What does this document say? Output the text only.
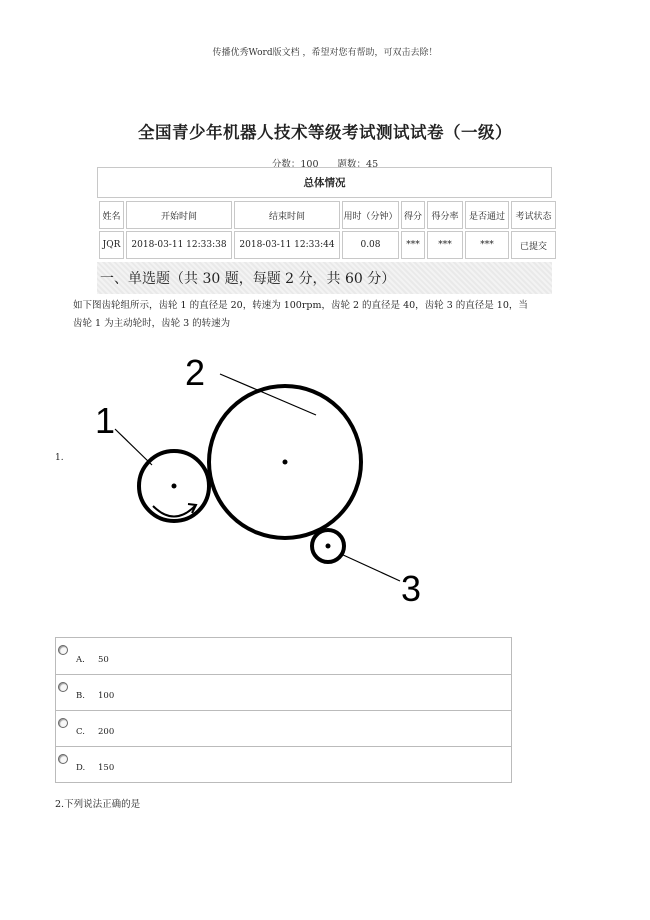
传播优秀Word版文档 ，希望对您有帮助，可双击去除！
全国青少年机器人技术等级考试测试试卷（一级）
分数：100 题数：45
总体情况
姓名	开始时间	结束时间	用时（分钟）	得分	得分率	是否通过	考试状态
JQR	2018-03-11 12:33:38	2018-03-11 12:33:44	0.08	***	***	***	已提交
一、单选题（共 30 题，每题 2 分，共 60 分）
如下图齿轮组所示，齿轮 1 的直径是 20，转速为 100rpm，齿轮 2 的直径是 40，齿轮 3 的直径是 10，当齿轮 1 为主动轮时，齿轮 3 的转速为
1.
1
2
3
A. 50
B. 100
C. 200
D. 150
2.下列说法正确的是
